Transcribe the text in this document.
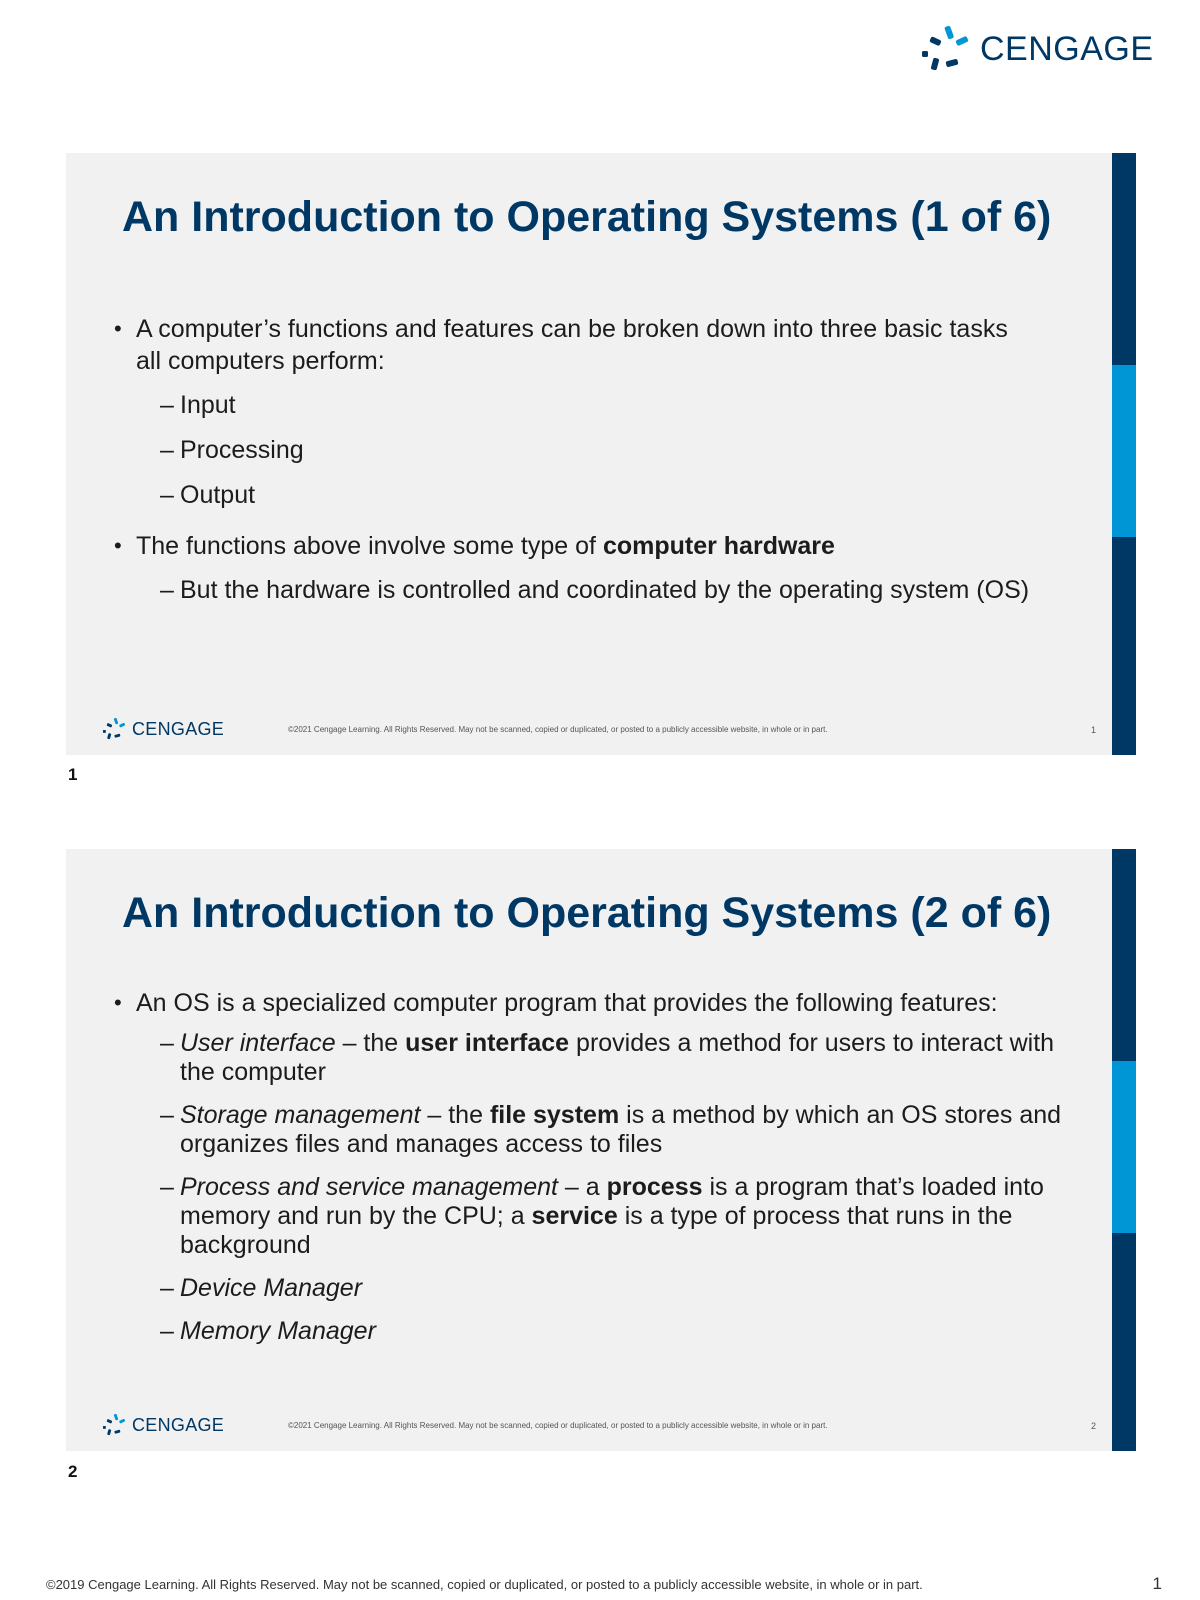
CENGAGE
An Introduction to Operating Systems (1 of 6)
• A computer’s functions and features can be broken down into three basic tasks
all computers perform:
– Input
– Processing
– Output
• The functions above involve some type of computer hardware
– But the hardware is controlled and coordinated by the operating system (OS)
CENGAGE	©2021 Cengage Learning. All Rights Reserved. May not be scanned, copied or duplicated, or posted to a publicly accessible website, in whole or in part.	1
1
An Introduction to Operating Systems (2 of 6)
• An OS is a specialized computer program that provides the following features:
– User interface – the user interface provides a method for users to interact with the computer
– Storage management – the file system is a method by which an OS stores and organizes files and manages access to files
– Process and service management – a process is a program that’s loaded into memory and run by the CPU; a service is a type of process that runs in the background
– Device Manager
– Memory Manager
CENGAGE	©2021 Cengage Learning. All Rights Reserved. May not be scanned, copied or duplicated, or posted to a publicly accessible website, in whole or in part.	2
2
©2019 Cengage Learning. All Rights Reserved. May not be scanned, copied or duplicated, or posted to a publicly accessible website, in whole or in part.	1
